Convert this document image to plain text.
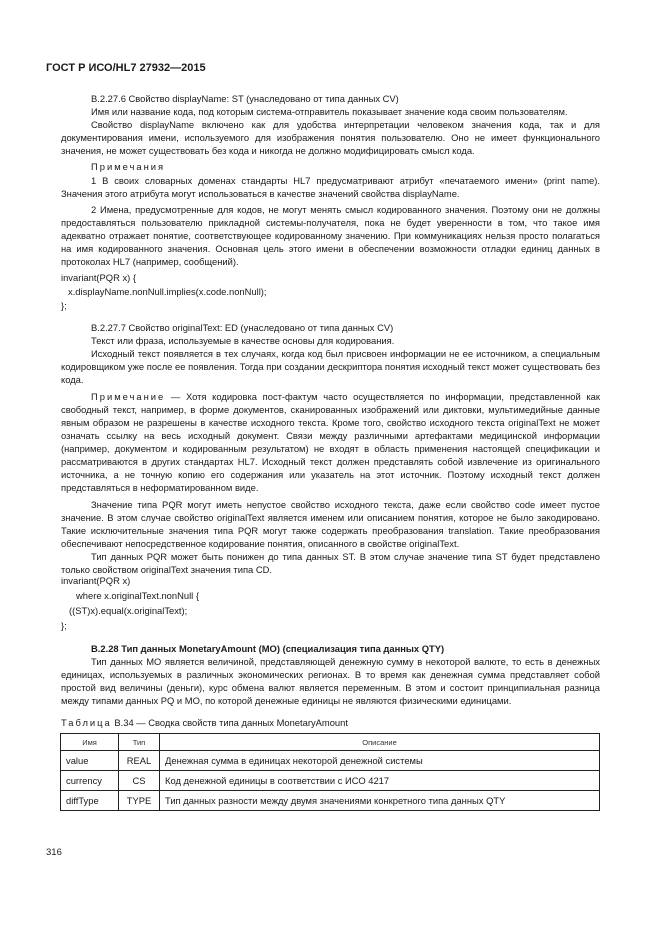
ГОСТ Р ИСО/HL7 27932—2015

B.2.27.6 Свойство displayName: ST (унаследовано от типа данных CV)

Имя или название кода, под которым система-отправитель показывает значение кода своим пользователям.

Свойство displayName включено как для удобства интерпретации человеком значения кода, так и для документирования имени, используемого для изображения понятия пользователю. Оно не имеет функционального значения, не может существовать без кода и никогда не должно модифицировать смысл кода.

Примечания

1 В своих словарных доменах стандарты HL7 предусматривают атрибут «печатаемого имени» (print name). Значения этого атрибута могут использоваться в качестве значений свойства displayName.

2 Имена, предусмотренные для кодов, не могут менять смысл кодированного значения. Поэтому они не должны предоставляться пользователю прикладной системы-получателя, пока не будет уверенности в том, что такое имя адекватно отражает понятие, соответствующее кодированному значению. При коммуникациях нельзя просто полагаться на имя кодированного значения. Основная цель этого имени в обеспечении возможности отладки единиц данных в протоколах HL7 (например, сообщений).

invariant(PQR x) {
x.displayName.nonNull.implies(x.code.nonNull);
};

B.2.27.7 Свойство originalText: ED (унаследовано от типа данных CV)

Текст или фраза, используемые в качестве основы для кодирования.

Исходный текст появляется в тех случаях, когда код был присвоен информации не ее источником, а специальным кодировщиком уже после ее появления. Тогда при создании дескриптора понятия исходный текст может существовать без кода.

Примечание — Хотя кодировка пост-фактум часто осуществляется по информации, представленной как свободный текст, например, в форме документов, сканированных изображений или диктовки, мультимедийные данные явным образом не разрешены в качестве исходного текста. Кроме того, свойство исходного текста originalText не может означать ссылку на весь исходный документ. Связи между различными артефактами медицинской информации (например, документом и кодированным результатом) не входят в область применения настоящей спецификации и рассматриваются в других стандартах HL7. Исходный текст должен представлять собой извлечение из оригинального источника, а не точную копию его содержания или указатель на этот источник. Поэтому исходный текст должен представляться в неформатированном виде.

Значение типа PQR могут иметь непустое свойство исходного текста, даже если свойство code имеет пустое значение. В этом случае свойство originalText является именем или описанием понятия, которое не было закодировано. Такие исключительные значения типа PQR могут также содержать преобразования translation. Такие преобразования обеспечивают непосредственное кодирование понятия, описанного в свойстве originalText.

Тип данных PQR может быть понижен до типа данных ST. В этом случае значение типа ST будет представлено только свойством originalText значения типа CD.

invariant(PQR x)
where x.originalText.nonNull {
((ST)x).equal(x.originalText);
};

B.2.28 Тип данных MonetaryAmount (MO) (специализация типа данных QTY)

Тип данных MO является величиной, представляющей денежную сумму в некоторой валюте, то есть в денежных единицах, используемых в различных экономических регионах. В то время как денежная сумма представляет собой простой вид величины (деньги), курс обмена валют является переменным. В этом и состоит принципиальная разница между типами данных PQ и MO, по которой денежные единицы не являются физическими единицами.

Таблица B.34 — Сводка свойств типа данных MonetaryAmount

Имя	Тип	Описание
value	REAL	Денежная сумма в единицах некоторой денежной системы
currency	CS	Код денежной единицы в соответствии с ИСО 4217
diffType	TYPE	Тип данных разности между двумя значениями конкретного типа данных QTY
316
